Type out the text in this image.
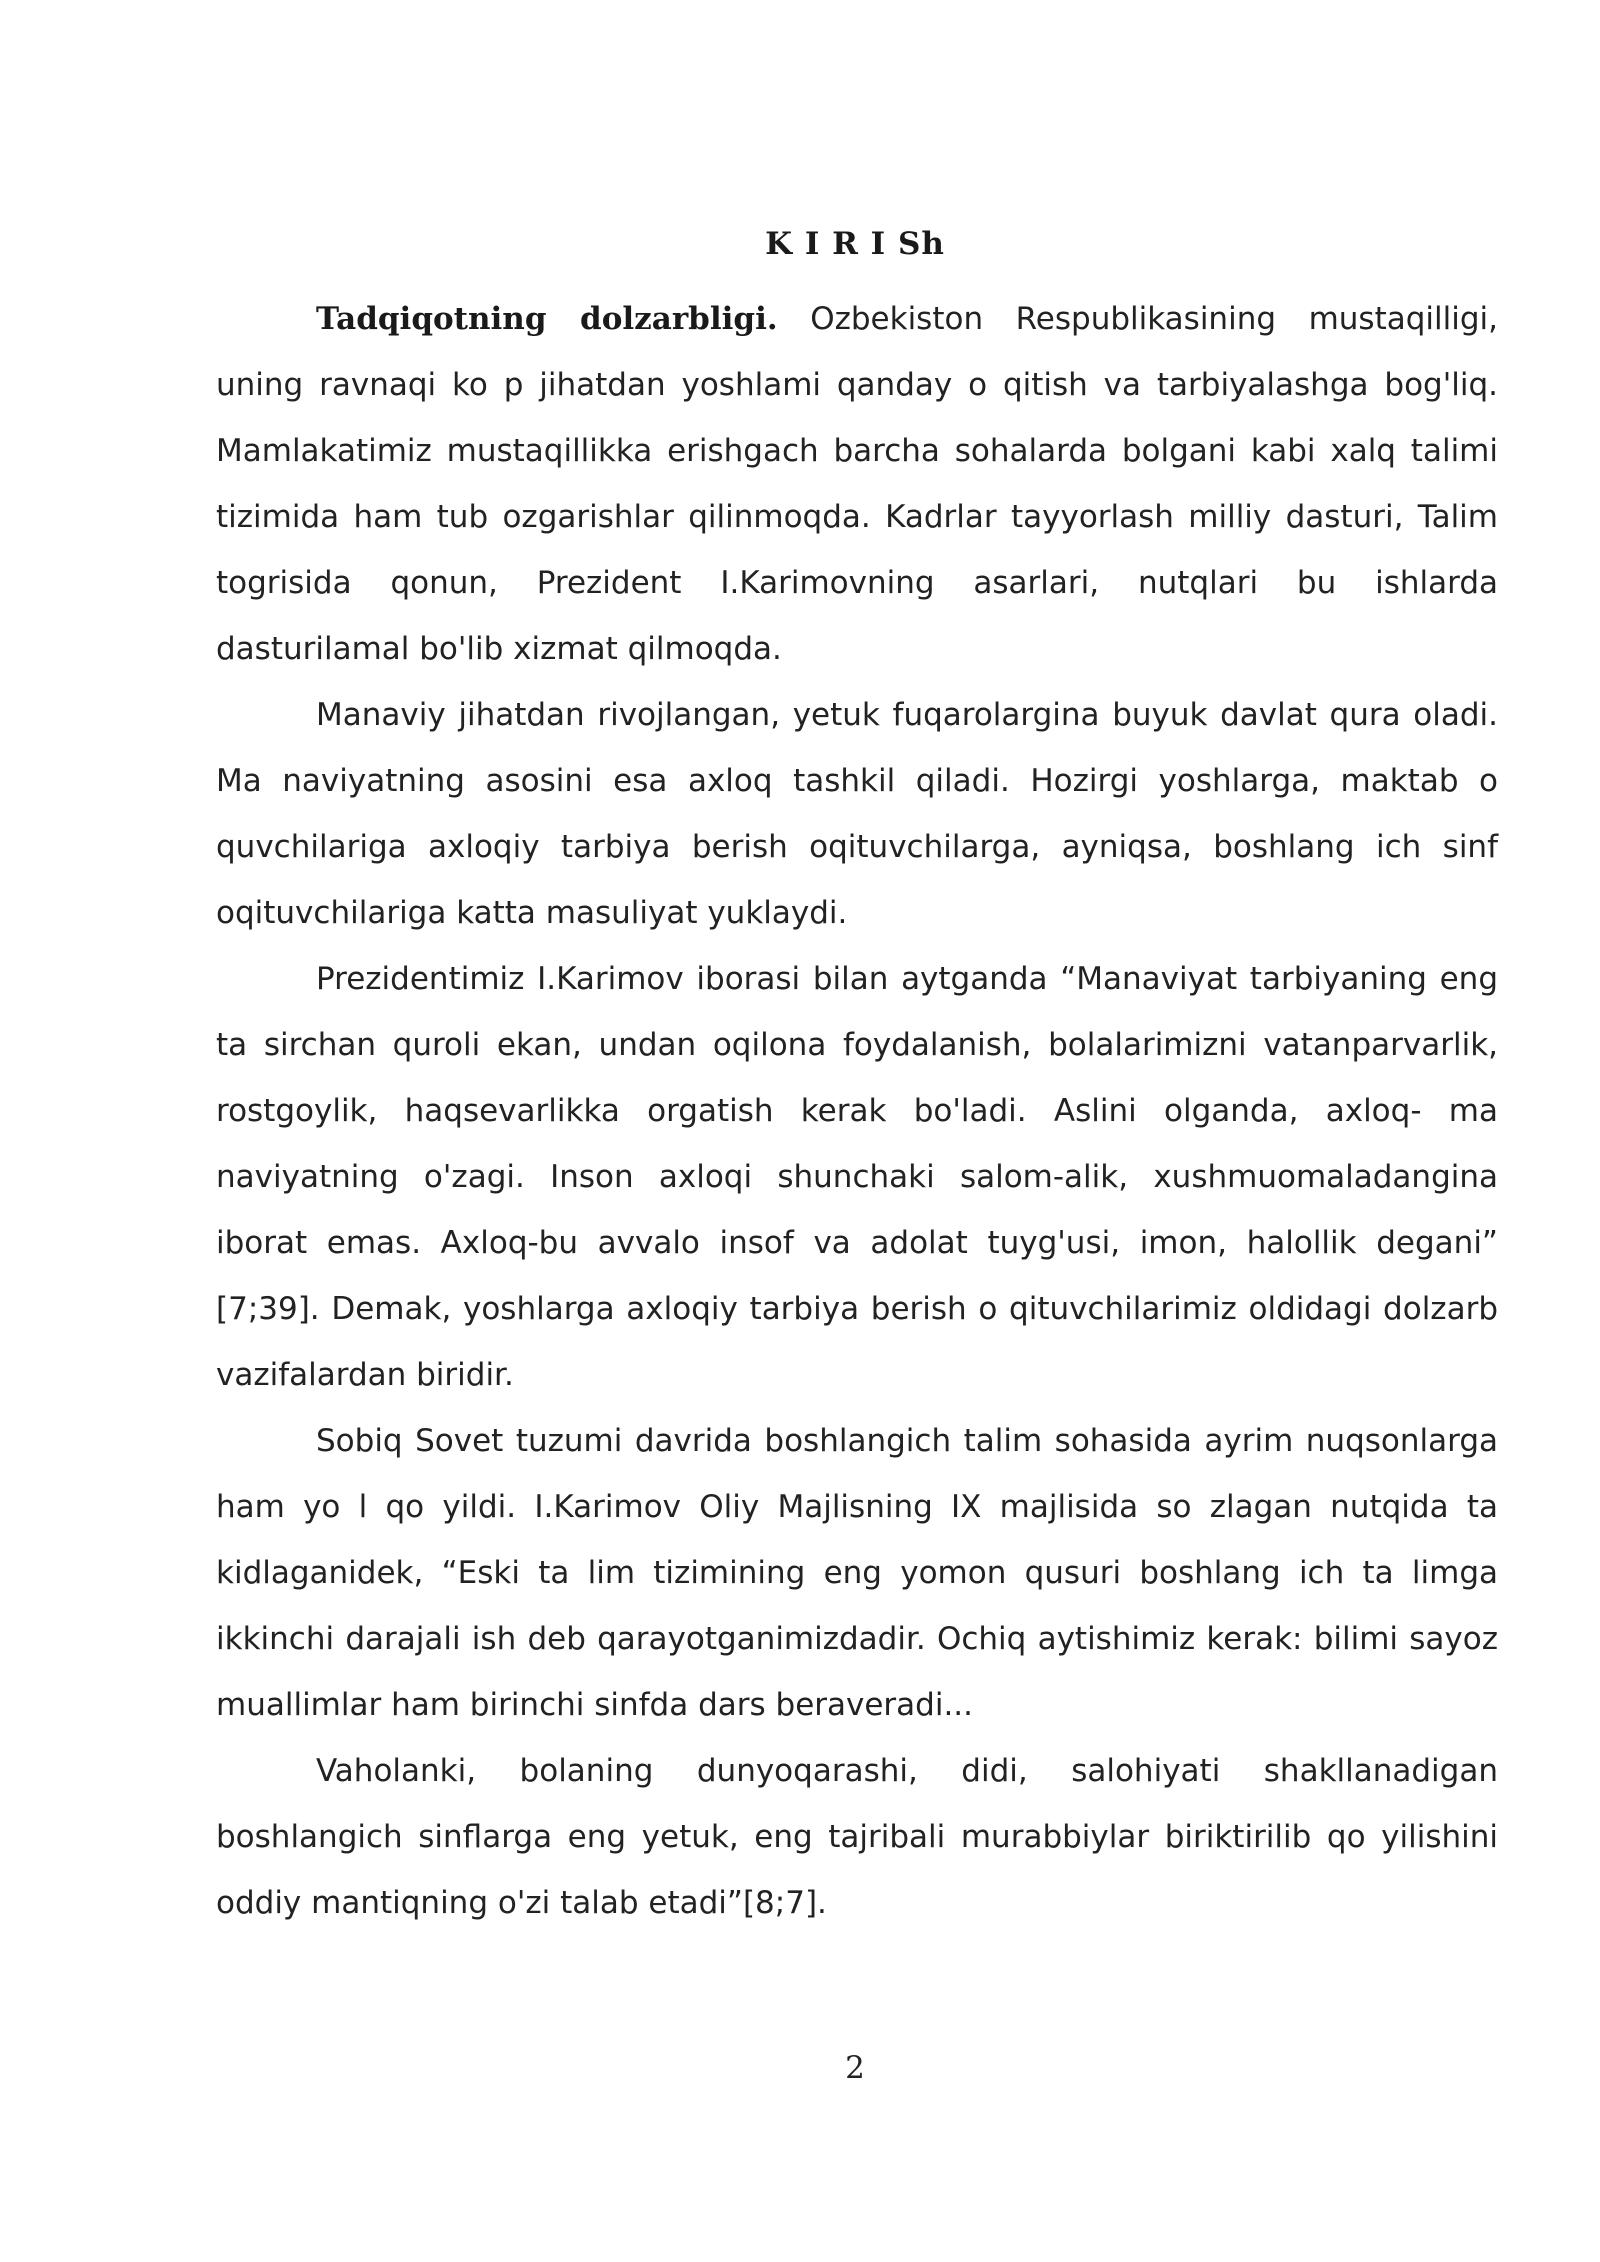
K I R I Sh

Tadqiqotning dolzarbligi. Ozbekiston Respublikasining mustaqilligi, uning ravnaqi ko p jihatdan yoshlami qanday o qitish va tarbiyalashga bog'liq. Mamlakatimiz mustaqillikka erishgach barcha sohalarda bolgani kabi xalq talimi tizimida ham tub ozgarishlar qilinmoqda. Kadrlar tayyorlash milliy dasturi, Talim togrisida qonun, Prezident I.Karimovning asarlari, nutqlari bu ishlarda dasturilamal bo'lib xizmat qilmoqda.

Manaviy jihatdan rivojlangan, yetuk fuqarolargina buyuk davlat qura oladi. Ma naviyatning asosini esa axloq tashkil qiladi. Hozirgi yoshlarga, maktab o quvchilariga axloqiy tarbiya berish oqituvchilarga, ayniqsa, boshlang ich sinf oqituvchilariga katta masuliyat yuklaydi.

Prezidentimiz I.Karimov iborasi bilan aytganda “Manaviyat tarbiyaning eng ta sirchan quroli ekan, undan oqilona foydalanish, bolalarimizni vatanparvarlik, rostgoylik, haqsevarlikka orgatish kerak bo'ladi. Aslini olganda, axloq- ma naviyatning o'zagi. Inson axloqi shunchaki salom-alik, xushmuomaladangina iborat emas. Axloq-bu avvalo insof va adolat tuyg'usi, imon, halollik degani” [7;39]. Demak, yoshlarga axloqiy tarbiya berish o qituvchilarimiz oldidagi dolzarb vazifalardan biridir.

Sobiq Sovet tuzumi davrida boshlangich talim sohasida ayrim nuqsonlarga ham yo l qo yildi. I.Karimov Oliy Majlisning IX majlisida so zlagan nutqida ta kidlaganidek, “Eski ta lim tizimining eng yomon qusuri boshlang ich ta limga ikkinchi darajali ish deb qarayotganimizdadir. Ochiq aytishimiz kerak: bilimi sayoz muallimlar ham birinchi sinfda dars beraveradi...

Vaholanki, bolaning dunyoqarashi, didi, salohiyati shakllanadigan boshlangich sinflarga eng yetuk, eng tajribali murabbiylar biriktirilib qo yilishini oddiy mantiqning o'zi talab etadi”[8;7].

2
